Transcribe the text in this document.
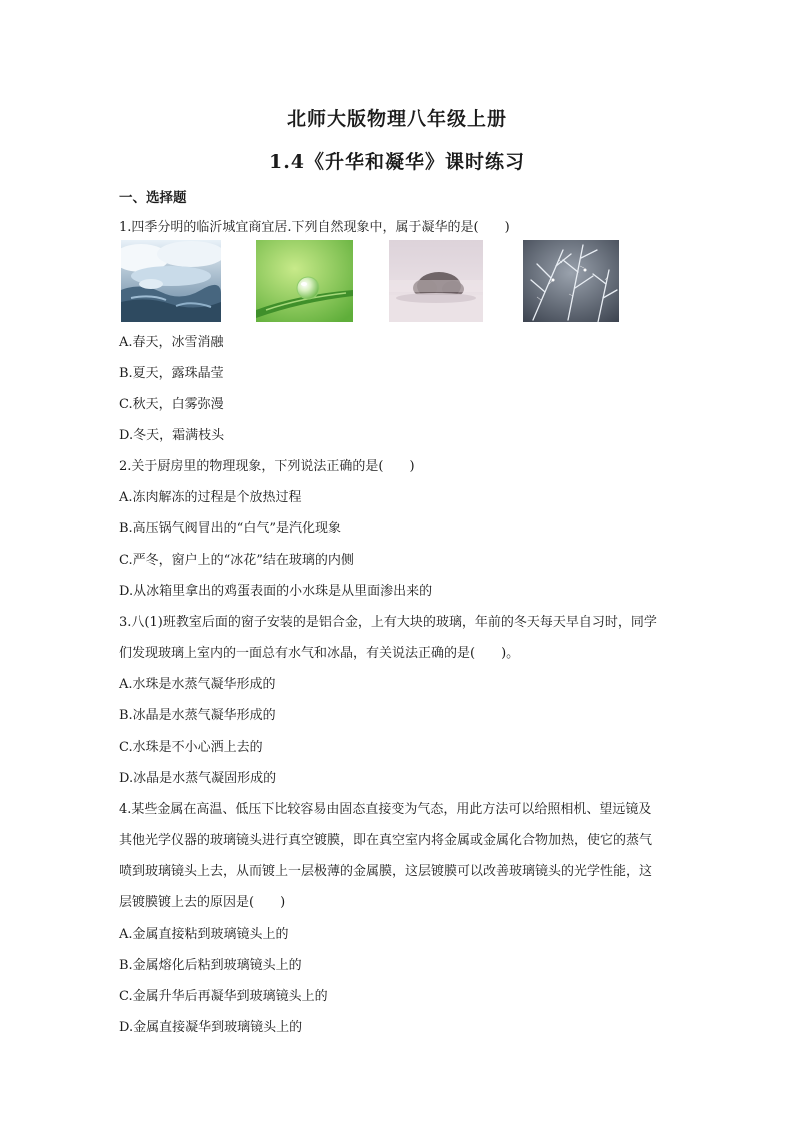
北师大版物理八年级上册
1.4《升华和凝华》课时练习
一、选择题
1.四季分明的临沂城宜商宜居.下列自然现象中，属于凝华的是(　　)
A.春天，冰雪消融
B.夏天，露珠晶莹
C.秋天，白雾弥漫
D.冬天，霜满枝头
2.关于厨房里的物理现象，下列说法正确的是(　　)
A.冻肉解冻的过程是个放热过程
B.高压锅气阀冒出的“白气”是汽化现象
C.严冬，窗户上的“冰花”结在玻璃的内侧
D.从冰箱里拿出的鸡蛋表面的小水珠是从里面渗出来的
3.八(1)班教室后面的窗子安装的是铝合金，上有大块的玻璃，年前的冬天每天早自习时，同学
们发现玻璃上室内的一面总有水气和冰晶，有关说法正确的是(　　)。
A.水珠是水蒸气凝华形成的
B.冰晶是水蒸气凝华形成的
C.水珠是不小心洒上去的
D.冰晶是水蒸气凝固形成的
4.某些金属在高温、低压下比较容易由固态直接变为气态，用此方法可以给照相机、望远镜及
其他光学仪器的玻璃镜头进行真空镀膜，即在真空室内将金属或金属化合物加热，使它的蒸气
喷到玻璃镜头上去，从而镀上一层极薄的金属膜，这层镀膜可以改善玻璃镜头的光学性能，这
层镀膜镀上去的原因是(　　)
A.金属直接粘到玻璃镜头上的
B.金属熔化后粘到玻璃镜头上的
C.金属升华后再凝华到玻璃镜头上的
D.金属直接凝华到玻璃镜头上的
